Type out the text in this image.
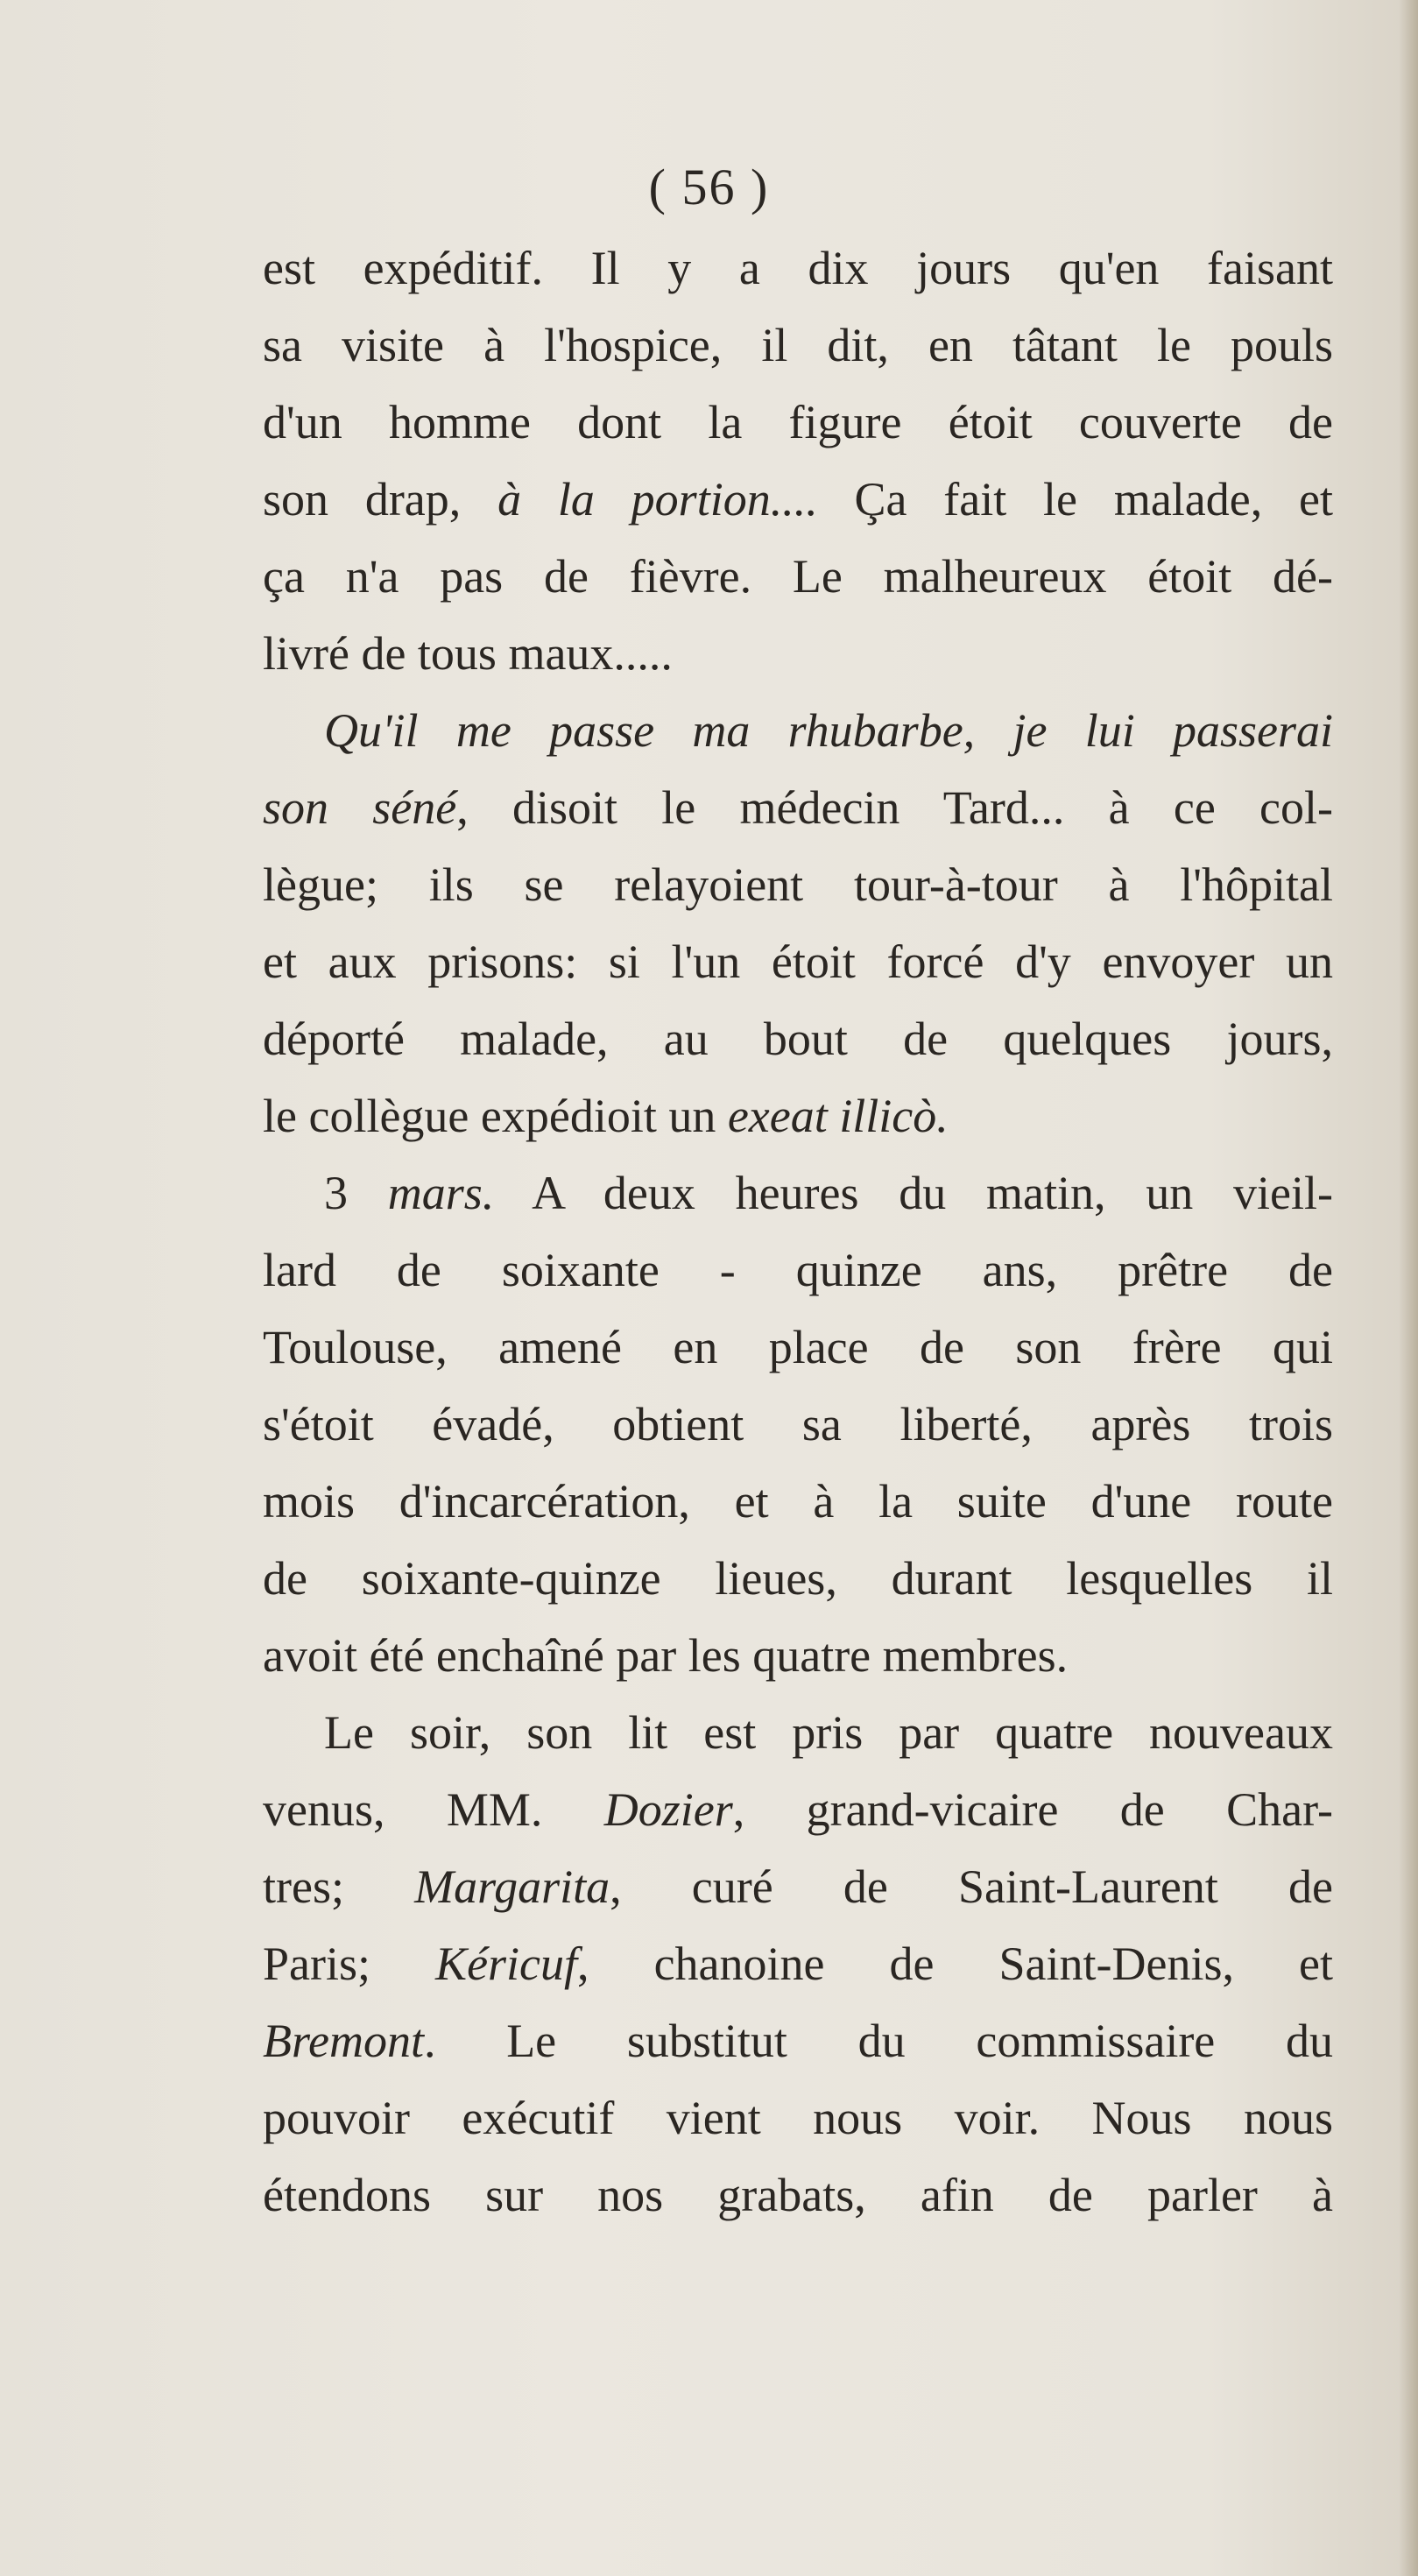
( 56 )
est expéditif. Il y a dix jours qu'en faisant
sa visite à l'hospice, il dit, en tâtant le pouls
d'un homme dont la figure étoit couverte de
son drap, à la portion.... Ça fait le malade, et
ça n'a pas de fièvre. Le malheureux étoit dé-
livré de tous maux.....
Qu'il me passe ma rhubarbe, je lui passerai
son séné, disoit le médecin Tard... à ce col-
lègue; ils se relayoient tour-à-tour à l'hôpital
et aux prisons: si l'un étoit forcé d'y envoyer un
déporté malade, au bout de quelques jours,
le collègue expédioit un exeat illicò.
3 mars. A deux heures du matin, un vieil-
lard de soixante - quinze ans, prêtre de
Toulouse, amené en place de son frère qui
s'étoit évadé, obtient sa liberté, après trois
mois d'incarcération, et à la suite d'une route
de soixante-quinze lieues, durant lesquelles il
avoit été enchaîné par les quatre membres.
Le soir, son lit est pris par quatre nouveaux
venus, MM. Dozier, grand-vicaire de Char-
tres; Margarita, curé de Saint-Laurent de
Paris; Kéricuf, chanoine de Saint-Denis, et
Bremont. Le substitut du commissaire du
pouvoir exécutif vient nous voir. Nous nous
étendons sur nos grabats, afin de parler à
